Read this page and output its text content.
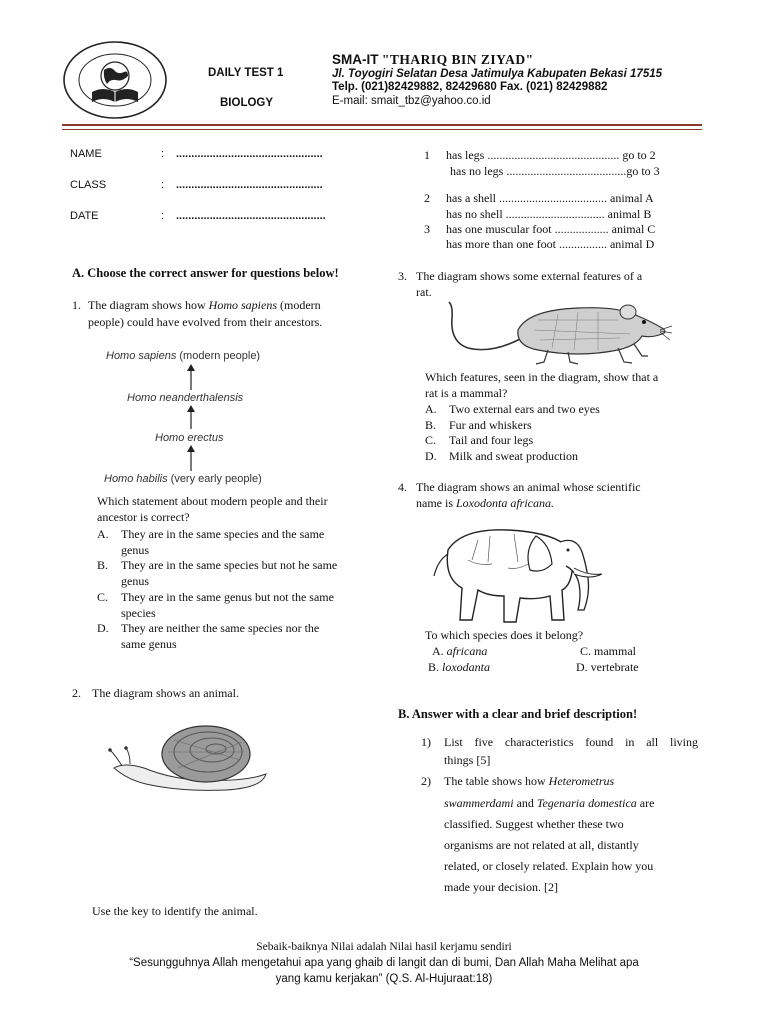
DAILY TEST 1
BIOLOGY
SMA-IT "THARIQ BIN ZIYAD"
Jl. Toyogiri Selatan Desa Jatimulya Kabupaten Bekasi 17515
Telp. (021)82429882, 82429680 Fax. (021) 82429882
E-mail: smait_tbz@yahoo.co.id
NAME	: ................................................
CLASS	: ................................................
DATE	: .................................................
A. Choose the correct answer for questions below!
1. The diagram shows how Homo sapiens (modern
people) could have evolved from their ancestors.
Homo sapiens (modern people)
Homo neanderthalensis
Homo erectus
Homo habilis (very early people)
Which statement about modern people and their
ancestor is correct?
A. They are in the same species and the same
genus
B. They are in the same species but not he same
genus
C. They are in the same genus but not the same
species
D. They are neither the same species nor the
same genus
2. The diagram shows an animal.
Use the key to identify the animal.
1 has legs ............................................ go to 2
has no legs ........................................go to 3
2 has a shell .................................... animal A
has no shell ................................. animal B
3 has one muscular foot .................. animal C
has more than one foot ................ animal D
3. The diagram shows some external features of a
rat.
Which features, seen in the diagram, show that a
rat is a mammal?
A. Two external ears and two eyes
B. Fur and whiskers
C. Tail and four legs
D. Milk and sweat production
4. The diagram shows an animal whose scientific
name is Loxodonta africana.
To which species does it belong?
A. africana	C. mammal
B. loxodanta	D. vertebrate
B. Answer with a clear and brief description!
1) List five characteristics found in all living
things [5]
2) The table shows how Heterometrus
swammerdami and Tegenaria domestica are
classified. Suggest whether these two
organisms are not related at all, distantly
related, or closely related. Explain how you
made your decision. [2]
Sebaik-baiknya Nilai adalah Nilai hasil kerjamu sendiri
“Sesungguhnya Allah mengetahui apa yang ghaib di langit dan di bumi, Dan Allah Maha Melihat apa
yang kamu kerjakan” (Q.S. Al-Hujuraat:18)
